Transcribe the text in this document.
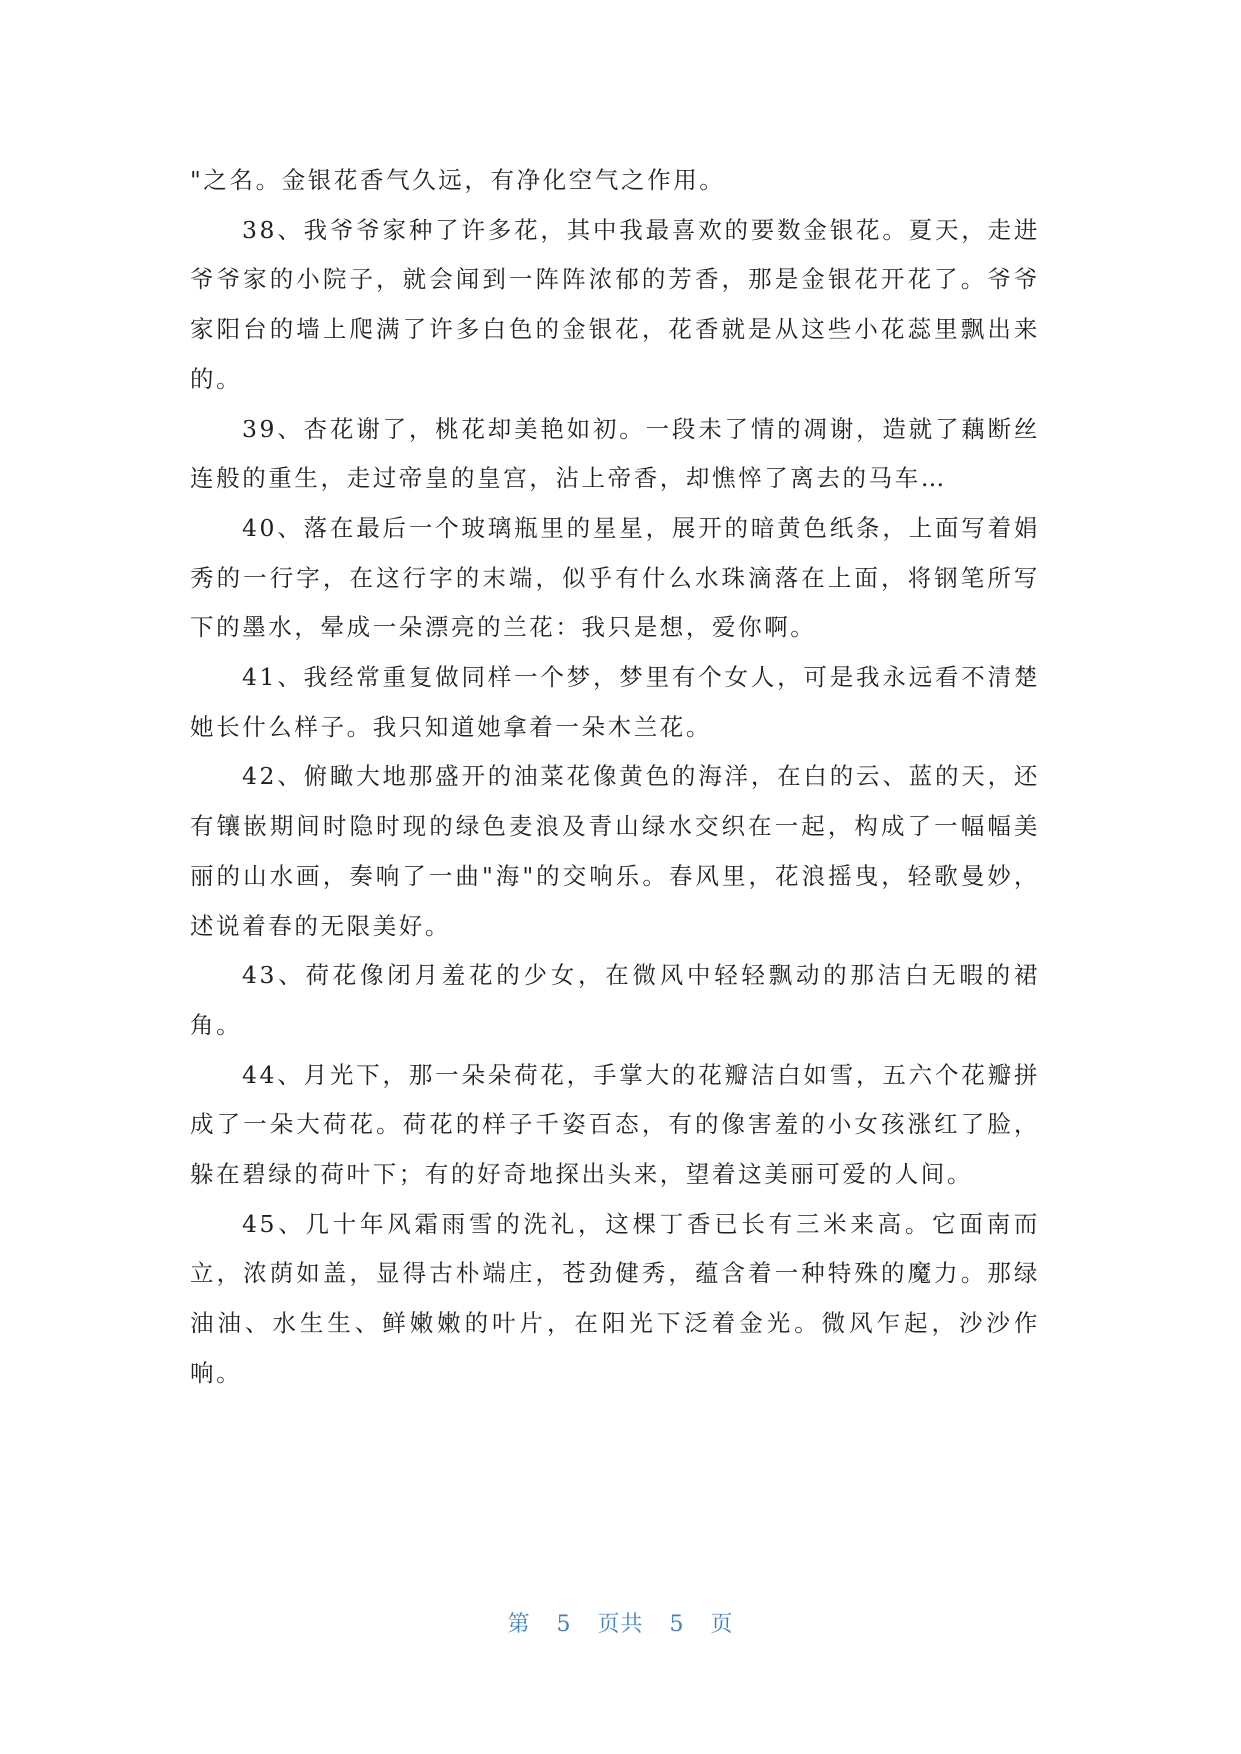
"之名。金银花香气久远，有净化空气之作用。

38、我爷爷家种了许多花，其中我最喜欢的要数金银花。夏天，走进爷爷家的小院子，就会闻到一阵阵浓郁的芳香，那是金银花开花了。爷爷家阳台的墙上爬满了许多白色的金银花，花香就是从这些小花蕊里飘出来的。

39、杏花谢了，桃花却美艳如初。一段未了情的凋谢，造就了藕断丝连般的重生，走过帝皇的皇宫，沾上帝香，却憔悴了离去的马车…

40、落在最后一个玻璃瓶里的星星，展开的暗黄色纸条，上面写着娟秀的一行字，在这行字的末端，似乎有什么水珠滴落在上面，将钢笔所写下的墨水，晕成一朵漂亮的兰花：我只是想，爱你啊。

41、我经常重复做同样一个梦，梦里有个女人，可是我永远看不清楚她长什么样子。我只知道她拿着一朵木兰花。

42、俯瞰大地那盛开的油菜花像黄色的海洋，在白的云、蓝的天，还有镶嵌期间时隐时现的绿色麦浪及青山绿水交织在一起，构成了一幅幅美丽的山水画，奏响了一曲"海"的交响乐。春风里，花浪摇曳，轻歌曼妙，述说着春的无限美好。

43、荷花像闭月羞花的少女，在微风中轻轻飘动的那洁白无暇的裙角。

44、月光下，那一朵朵荷花，手掌大的花瓣洁白如雪，五六个花瓣拼成了一朵大荷花。荷花的样子千姿百态，有的像害羞的小女孩涨红了脸，躲在碧绿的荷叶下；有的好奇地探出头来，望着这美丽可爱的人间。

45、几十年风霜雨雪的洗礼，这棵丁香已长有三米来高。它面南而立，浓荫如盖，显得古朴端庄，苍劲健秀，蕴含着一种特殊的魔力。那绿油油、水生生、鲜嫩嫩的叶片，在阳光下泛着金光。微风乍起，沙沙作响。

第 5 页共 5 页
